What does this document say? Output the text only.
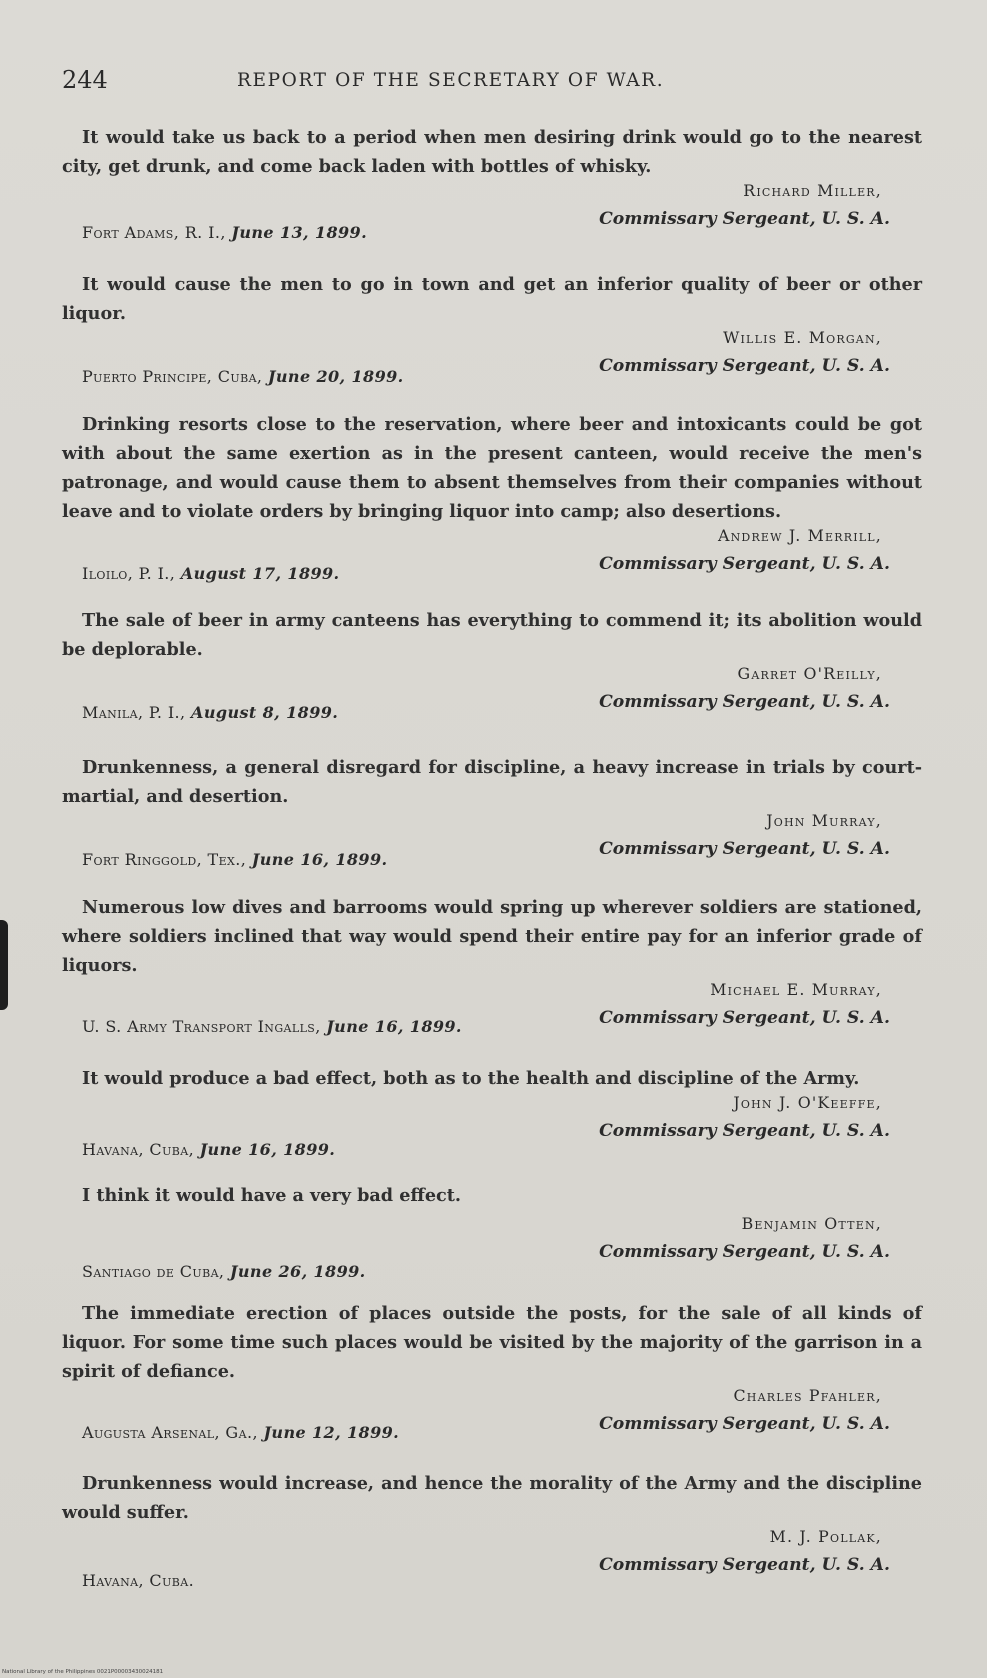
244	REPORT OF THE SECRETARY OF WAR.

It would take us back to a period when men desiring drink would go to the nearest city, get drunk, and come back laden with bottles of whisky.

Richard Miller,
Commissary Sergeant, U. S. A.
Fort Adams, R. I., June 13, 1899.

It would cause the men to go in town and get an inferior quality of beer or other liquor.

Willis E. Morgan,
Commissary Sergeant, U. S. A.
Puerto Principe, Cuba, June 20, 1899.

Drinking resorts close to the reservation, where beer and intoxicants could be got with about the same exertion as in the present canteen, would receive the men's patronage, and would cause them to absent themselves from their companies without leave and to violate orders by bringing liquor into camp; also desertions.

Andrew J. Merrill,
Commissary Sergeant, U. S. A.
Iloilo, P. I., August 17, 1899.

The sale of beer in army canteens has everything to commend it; its abolition would be deplorable.

Garret O'Reilly,
Commissary Sergeant, U. S. A.
Manila, P. I., August 8, 1899.

Drunkenness, a general disregard for discipline, a heavy increase in trials by court-martial, and desertion.

John Murray,
Commissary Sergeant, U. S. A.
Fort Ringgold, Tex., June 16, 1899.

Numerous low dives and barrooms would spring up wherever soldiers are stationed, where soldiers inclined that way would spend their entire pay for an inferior grade of liquors.

Michael E. Murray,
Commissary Sergeant, U. S. A.
U. S. Army Transport Ingalls, June 16, 1899.

It would produce a bad effect, both as to the health and discipline of the Army.

John J. O'Keeffe,
Commissary Sergeant, U. S. A.
Havana, Cuba, June 16, 1899.

I think it would have a very bad effect.

Benjamin Otten,
Commissary Sergeant, U. S. A.
Santiago de Cuba, June 26, 1899.

The immediate erection of places outside the posts, for the sale of all kinds of liquor. For some time such places would be visited by the majority of the garrison in a spirit of defiance.

Charles Pfahler,
Commissary Sergeant, U. S. A.
Augusta Arsenal, Ga., June 12, 1899.

Drunkenness would increase, and hence the morality of the Army and the discipline would suffer.

M. J. Pollak,
Commissary Sergeant, U. S. A.
Havana, Cuba.
National Library of the Philippines 0021P00003430024181
